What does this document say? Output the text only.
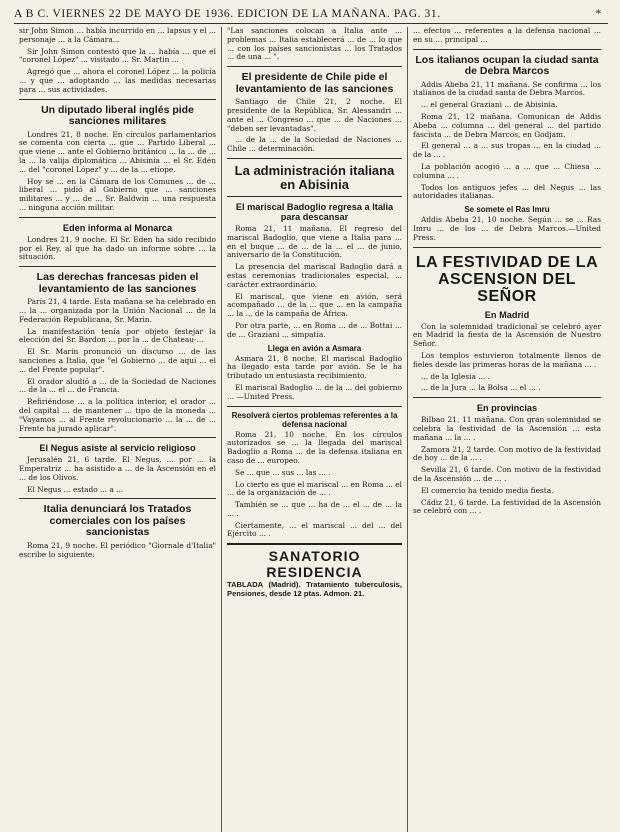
A B C. VIERNES 22 DE MAYO DE 1936. EDICION DE LA MAÑANA. PAG. 31.	*

sir John Simon ... había incurrido en ... lapsus y el ... personaje ... a la Cámara...

Sir John Simon contestó que la ... había ... que el "coronel López" ... visitado ... Sr. Martin ...

Agregó que ... ahora el coronel López ... la policía ... y que ... adoptando ... las medidas necesarias para ... sus actividades.

Un diputado liberal inglés pide sanciones militares

Londres 21, 8 noche. En círculos parlamentarios se comenta con cierta ... que ... Partido Liberal ... que viene ... ante el Gobierno británico ... la ... de ... la ... la valija diplomática ... Abisinia ... el Sr. Edén ... del "coronel López" y ... de la ... etíope.

Hoy se ... en la Cámara de los Comunes ... de ... liberal ... pidió al Gobierno que ... sanciones militares ... y ... de ... Sr. Baldwin ... una respuesta ... ninguna acción militar.

Eden informa al Monarca

Londres 21, 9 noche. El Sr. Eden ha sido recibido por el Rey, al que ha dado un informe sobre ... la situación.

Las derechas francesas piden el levantamiento de las sanciones

París 21, 4 tarde. Esta mañana se ha celebrado en ... la ... organizada por la Unión Nacional ... de la Federación Republicana, Sr. Marin.

La manifestación tenía por objeto festejar la elección del Sr. Bardon ... por la ... de Chateau-...

El Sr. Marin pronunció un discurso ... de las sanciones a Italia, que "el Gobierno ... de aquí ... el ... del Frente popular".

El orador aludió a ... de la Sociedad de Naciones ... de la ... el ... de Francia.

Refiriéndose ... a la política interior, el orador ... del capital ... de mantener ... tipo de la moneda ... "Vayamos ... al Frente revolucionario ... la ... de ... Frente ha jurado aplicar".

El Negus asiste al servicio religioso

Jerusalén 21, 6 tarde. El Negus, ... por ... la Emperatriz ... ha asistido a ... de la Ascensión en el ... de los Olivos.

El Negus ... estado ... a ...

Italia denunciará los Tratados comerciales con los países sancionistas

Roma 21, 9 noche. El periódico "Giornale d'Italia" escribe lo siguiente:

"Las sanciones colocan a Italia ante ... problemas ... Italia establecerá ... de ... lo que ... con los países sancionistas ... los Tratados ... de una ... ".

El presidente de Chile pide el levantamiento de las sanciones

Santiago de Chile 21, 2 noche. El presidente de la República, Sr. Alessandri ... ante el ... Congreso ... que ... de Naciones ... "deben ser levantadas".

... de la ... de la Sociedad de Naciones ... Chile ... determinación.

La administración italiana en Abisinia
El mariscal Badoglio regresa a Italia para descansar

Roma 21, 11 mañana. El regreso del mariscal Badoglio, que viene a Italia para ... en el buque ... de ... de la ... el ... de junio, aniversario de la Constitución.

La presencia del mariscal Badoglio dará a estas ceremonias tradicionales especial, ... carácter extraordinario.

El mariscal, que viene en avión, será acompañado ... de la ... que ... en la campaña ... la ... de la campaña de África.

Por otra parte, ... en Roma ... de ... Bottai ... de ... Graziani ... simpatía.

Llega en avión a Asmara

Asmara 21, 8 noche. El mariscal Badoglio ha llegado esta tarde por avión. Se le ha tributado un entusiasta recibimiento.

El mariscal Badoglio ... de la ... del gobierno ... —United Press.

Resolverá ciertos problemas referentes a la defensa nacional

Roma 21, 10 noche. En los círculos autorizados se ... la llegada del mariscal Badoglio a Roma ... de la defensa italiana en caso de ... europeo.

Se ... que ... sus ... las ... .

Lo cierto es que el mariscal ... en Roma ... el ... de la organización de ... .

También se ... que ... ha de ... el ... de ... la ... .

Ciertamente, ... el mariscal ... del ... del Ejército ... .

SANATORIO RESIDENCIA
TABLADA (Madrid). Tratamiento tuberculosis, Pensiones, desde 12 ptas. Admon. 21.

... efectos ... referentes a la defensa nacional ... en su ... principal ...

Los italianos ocupan la ciudad santa de Debra Marcos

Addis Abeba 21, 11 mañana. Se confirma ... los italianos de la ciudad santa de Debra Marcos.

... el general Graziani ... de Abisinia.

Roma 21, 12 mañana. Comunican de Addis Abeba ... columna ... del general ... del partido fascista ... de Debra Marcos, en Godjam.

El general ... a ... sus tropas ... en la ciudad ... de la ... .

La población acogió ... a ... que ... Chiesa ... columna ... .

Todos los antiguos jefes ... del Negus ... las autoridades italianas.

Se somete el Ras Imru

Addis Abeba 21, 10 noche. Según ... se ... Ras Imru ... de los ... de Debra Marcos.—United Press.

LA FESTIVIDAD DE LA ASCENSION DEL SEÑOR
En Madrid

Con la solemnidad tradicional se celebró ayer en Madrid la fiesta de la Ascensión de Nuestro Señor.

Los templos estuvieron totalmente llenos de fieles desde las primeras horas de la mañana ... .

... de la Iglesia ... .

... de la Jura ... la Bolsa ... el ... .

En provincias

Bilbao 21, 11 mañana. Con gran solemnidad se celebra la festividad de la Ascensión ... esta mañana ... la ... .

Zamora 21, 2 tarde. Con motivo de la festividad de hoy ... de la ... .

Sevilla 21, 6 tarde. Con motivo de la festividad de la Ascensión ... de ... .

El comercio ha tenido media fiesta.

Cádiz 21, 6 tarde. La festividad de la Ascensión se celebró con ... .
